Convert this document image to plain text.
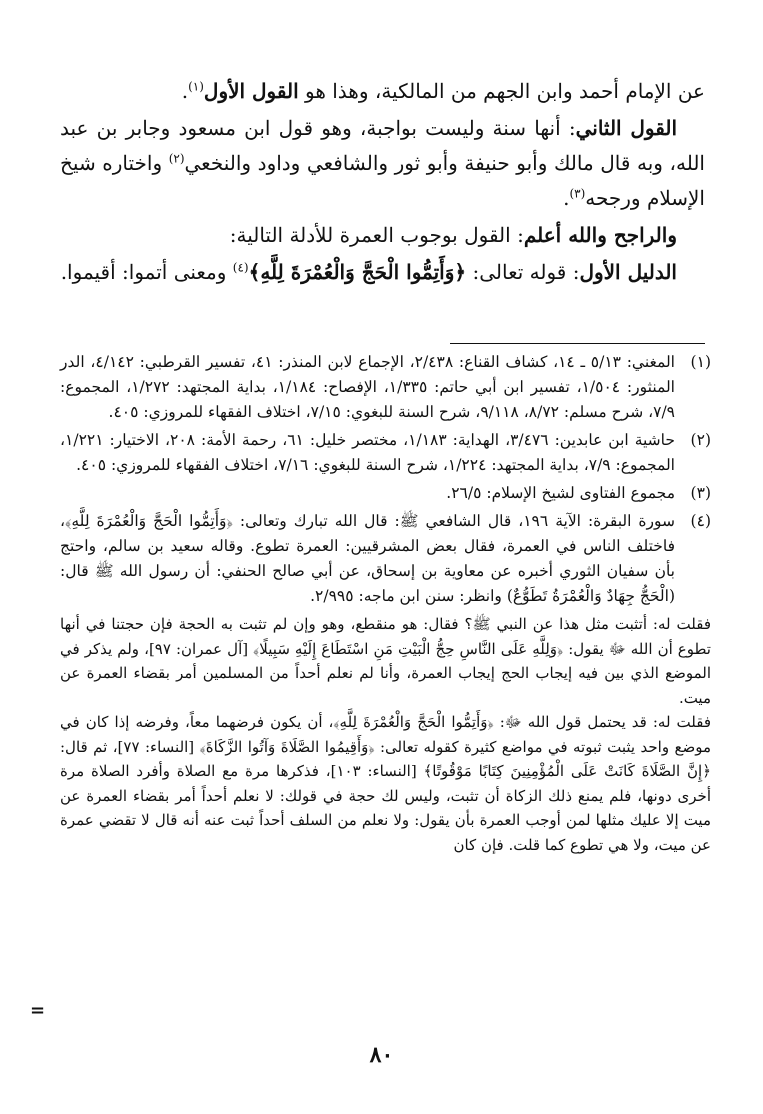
عن الإمام أحمد وابن الجهم من المالكية، وهذا هو القول الأول$^{(١)}$.

القول الثاني: أنها سنة وليست بواجبة، وهو قول ابن مسعود وجابر بن عبد الله، وبه قال مالك وأبو حنيفة وأبو ثور والشافعي وداود والنخعي$^{(٢)}$ واختاره شيخ الإسلام ورجحه$^{(٣)}$.

والراجح والله أعلم: القول بوجوب العمرة للأدلة التالية:

الدليل الأول: قوله تعالى: ﴿وَأَتِمُّوا الْحَجَّ وَالْعُمْرَةَ لِلَّهِ﴾$^{(٤)}$ ومعنى أتموا: أقيموا.

(١)
المغني: ٥/١٣ ـ ١٤، كشاف القناع: ٢/٤٣٨، الإجماع لابن المنذر: ٤١، تفسير القرطبي: ٤/١٤٢، الدر المنثور: ١/٥٠٤، تفسير ابن أبي حاتم: ١/٣٣٥، الإفصاح: ١/١٨٤، بداية المجتهد: ١/٢٧٢، المجموع: ٧/٩، شرح مسلم: ٨/٧٢، ٩/١١٨، شرح السنة للبغوي: ٧/١٥، اختلاف الفقهاء للمروزي: ٤٠٥.
(٢)
حاشية ابن عابدين: ٣/٤٧٦، الهداية: ١/١٨٣، مختصر خليل: ٦١، رحمة الأمة: ٢٠٨، الاختيار: ١/٢٢١، المجموع: ٧/٩، بداية المجتهد: ١/٢٢٤، شرح السنة للبغوي: ٧/١٦، اختلاف الفقهاء للمروزي: ٤٠٥.
(٣)
مجموع الفتاوى لشيخ الإسلام: ٢٦/٥.
(٤)
سورة البقرة: الآية ١٩٦، قال الشافعي ﷺ: قال الله تبارك وتعالى: ﴿وَأَتِمُّوا الْحَجَّ وَالْعُمْرَةَ لِلَّهِ﴾، فاختلف الناس في العمرة، فقال بعض المشرقيين: العمرة تطوع. وقاله سعيد بن سالم، واحتج بأن سفيان الثوري أخبره عن معاوية بن إسحاق، عن أبي صالح الحنفي: أن رسول الله ﷺ قال: (الْحَجُّ جِهَادٌ وَالْعُمْرَةُ تَطَوُّعٌ) وانظر: سنن ابن ماجه: ٢/٩٩٥.

فقلت له: أتثبت مثل هذا عن النبي ﷺ؟ فقال: هو منقطع، وهو وإن لم تثبت به الحجة فإن حجتنا في أنها تطوع أن الله ﷻ يقول: ﴿وَلِلَّهِ عَلَى النَّاسِ حِجُّ الْبَيْتِ مَنِ اسْتَطَاعَ إِلَيْهِ سَبِيلًا﴾ [آل عمران: ٩٧]، ولم يذكر في الموضع الذي بين فيه إيجاب الحج إيجاب العمرة، وأنا لم نعلم أحداً من المسلمين أمر بقضاء العمرة عن ميت.

فقلت له: قد يحتمل قول الله ﷻ: ﴿وَأَتِمُّوا الْحَجَّ وَالْعُمْرَةَ لِلَّهِ﴾، أن يكون فرضهما معاً، وفرضه إذا كان في موضع واحد يثبت ثبوته في مواضع كثيرة كقوله تعالى: ﴿وَأَقِيمُوا الصَّلَاةَ وَآتُوا الزَّكَاةَ﴾ [النساء: ٧٧]، ثم قال: ﴿إِنَّ الصَّلَاةَ كَانَتْ عَلَى الْمُؤْمِنِينَ كِتَابًا مَوْقُوتًا﴾ [النساء: ١٠٣]، فذكرها مرة مع الصلاة وأفرد الصلاة مرة أخرى دونها، فلم يمنع ذلك الزكاة أن تثبت، وليس لك حجة في قولك: لا نعلم أحداً أمر بقضاء العمرة عن ميت إلا عليك مثلها لمن أوجب العمرة بأن يقول: ولا نعلم من السلف أحداً ثبت عنه أنه قال لا تقضي عمرة عن ميت، ولا هي تطوع كما قلت. فإن كان

=
٨٠
